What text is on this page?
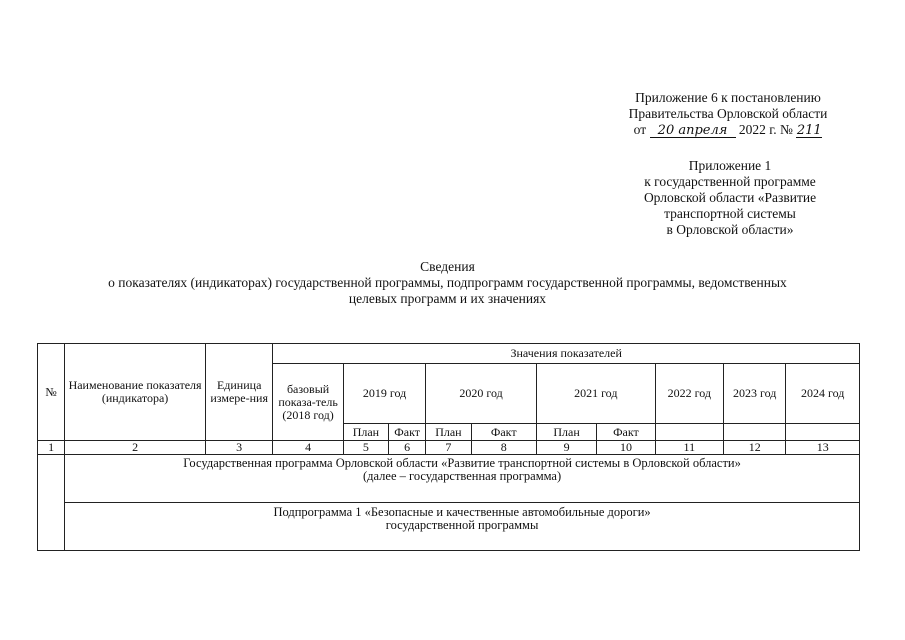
Приложение 6 к постановлению
Правительства Орловской области
от 20 апреля 2022 г. № 211
Приложение 1
к государственной программе
Орловской области «Развитие
транспортной системы
в Орловской области»
Сведения
о показателях (индикаторах) государственной программы, подпрограмм государственной программы, ведомственных
целевых программ и их значениях
№	Наименование показателя (индикатора)	Единица измере-ния	Значения показателей									
			базовый показа-тель (2018 год)	2019 год		2020 год		2021 год		2022 год	2023 год	2024 год
				План	Факт	План	Факт	План	Факт			
1	2	3	4	5	6	7	8	9	10	11	12	13

	Государственная программа Орловской области «Развитие транспортной системы в Орловской области»
(далее – государственная программа)											

	Подпрограмма 1 «Безопасные и качественные автомобильные дороги»
государственной программы											
